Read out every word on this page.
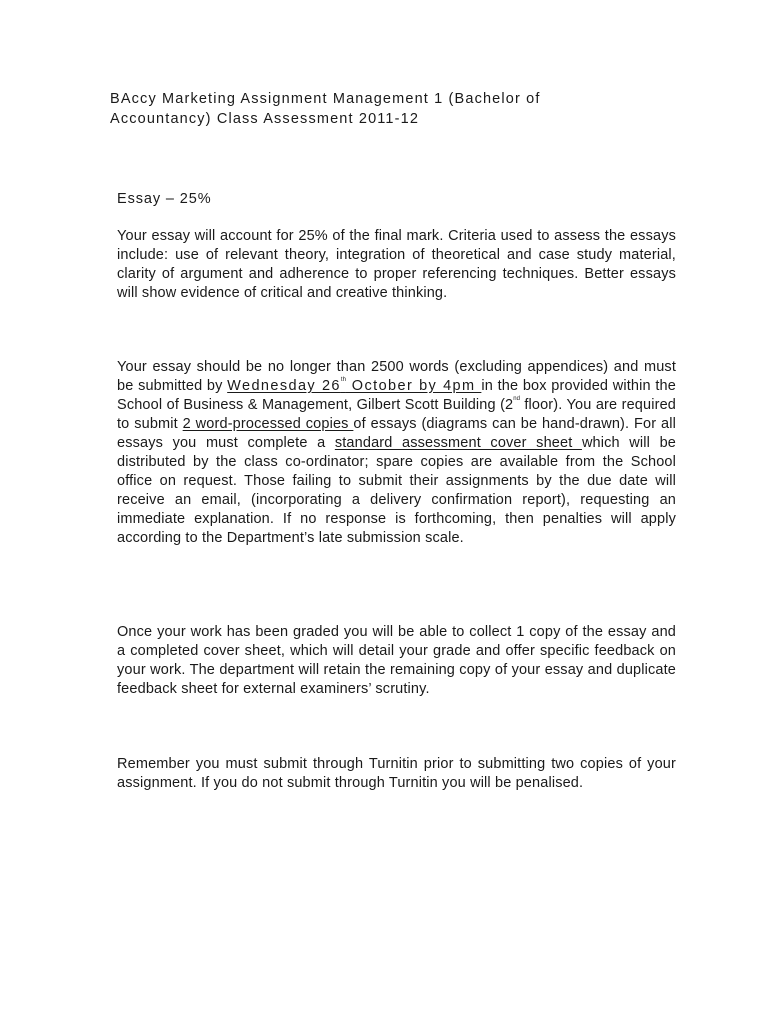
BAccy Marketing Assignment Management 1 (Bachelor of Accountancy) Class Assessment 2011-12
Essay – 25%

Your essay will account for 25% of the final mark. Criteria used to assess the essays include: use of relevant theory, integration of theoretical and case study material, clarity of argument and adherence to proper referencing techniques. Better essays will show evidence of critical and creative thinking.

Your essay should be no longer than 2500 words (excluding appendices) and must be submitted by Wednesday 26th October by 4pm in the box provided within the School of Business & Management, Gilbert Scott Building (2nd floor). You are required to submit 2 word-processed copies of essays (diagrams can be hand-drawn). For all essays you must complete a standard assessment cover sheet which will be distributed by the class co-ordinator; spare copies are available from the School office on request. Those failing to submit their assignments by the due date will receive an email, (incorporating a delivery confirmation report), requesting an immediate explanation. If no response is forthcoming, then penalties will apply according to the Department’s late submission scale.

Once your work has been graded you will be able to collect 1 copy of the essay and a completed cover sheet, which will detail your grade and offer specific feedback on your work. The department will retain the remaining copy of your essay and duplicate feedback sheet for external examiners’ scrutiny.

Remember you must submit through Turnitin prior to submitting two copies of your assignment. If you do not submit through Turnitin you will be penalised.
